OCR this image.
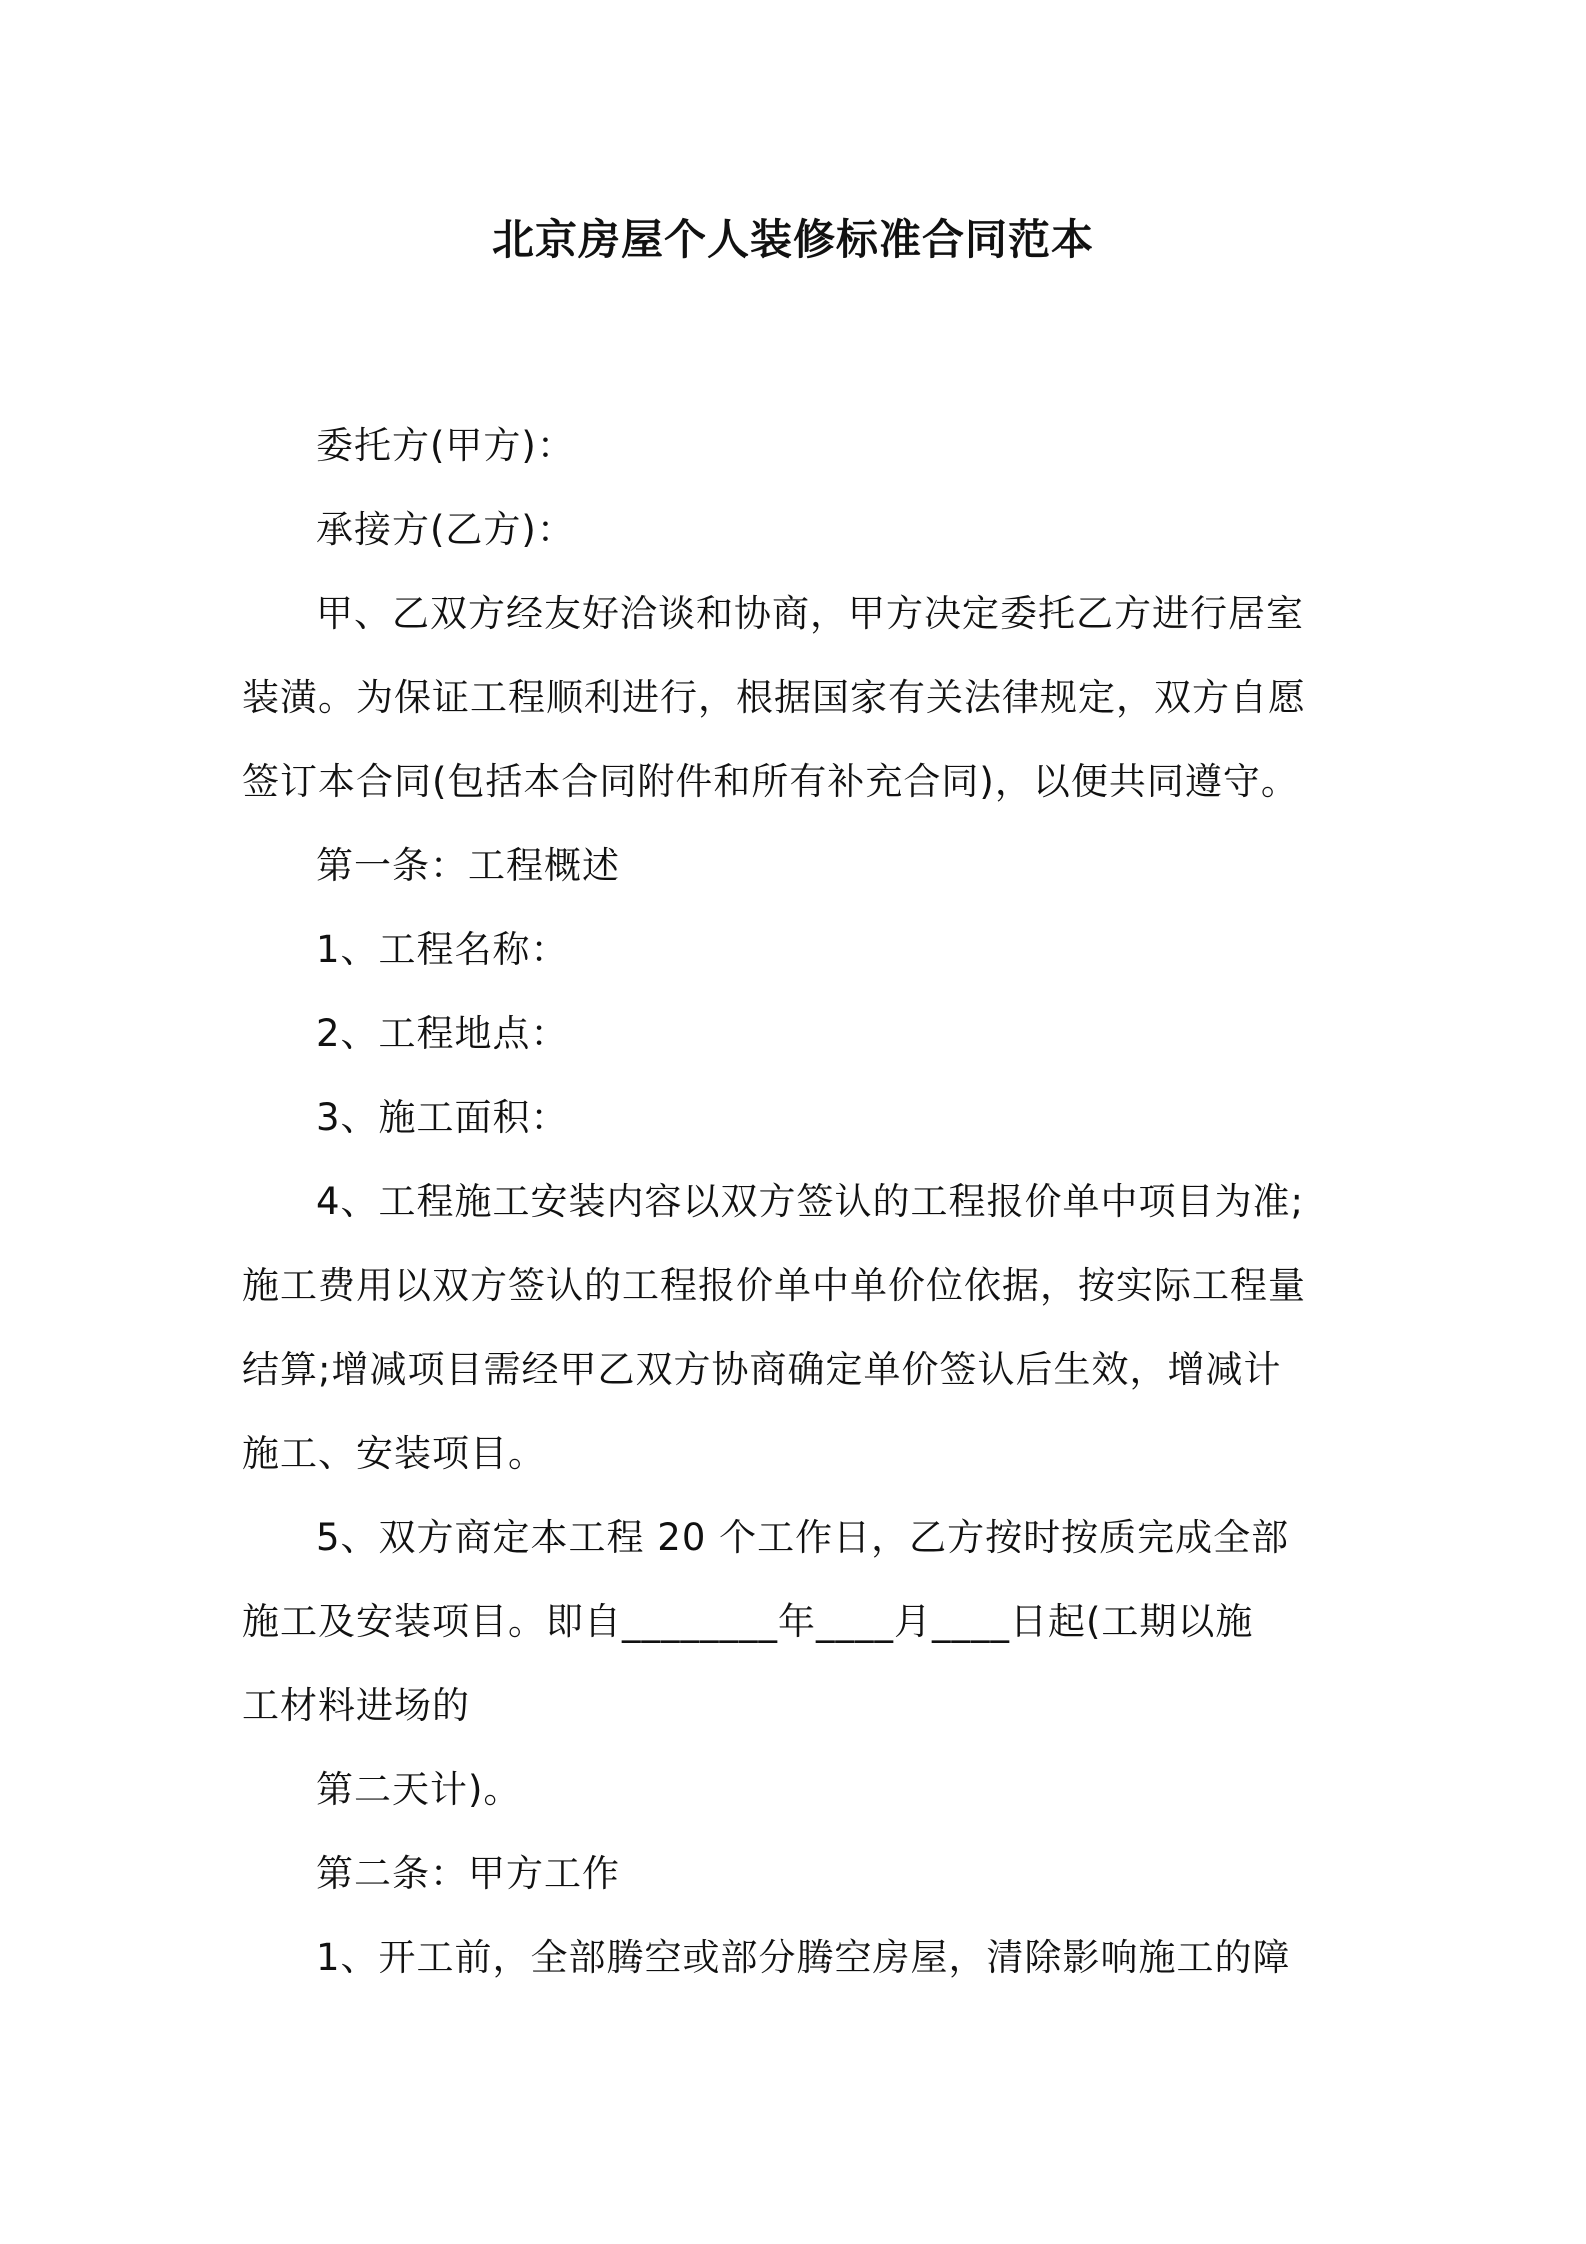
北京房屋个人装修标准合同范本

委托方(甲方)：

承接方(乙方)：

甲、乙双方经友好洽谈和协商，甲方决定委托乙方进行居室
装潢。为保证工程顺利进行，根据国家有关法律规定，双方自愿
签订本合同(包括本合同附件和所有补充合同)，以便共同遵守。

第一条：工程概述

1、工程名称：

2、工程地点：

3、施工面积：

4、工程施工安装内容以双方签认的工程报价单中项目为准;
施工费用以双方签认的工程报价单中单价位依据，按实际工程量
结算;增减项目需经甲乙双方协商确定单价签认后生效，增减计
施工、安装项目。
5、双方商定本工程 20 个工作日，乙方按时按质完成全部
施工及安装项目。即自________年____月____日起(工期以施
工材料进场的

第二天计)。

第二条：甲方工作

1、开工前，全部腾空或部分腾空房屋，清除影响施工的障
